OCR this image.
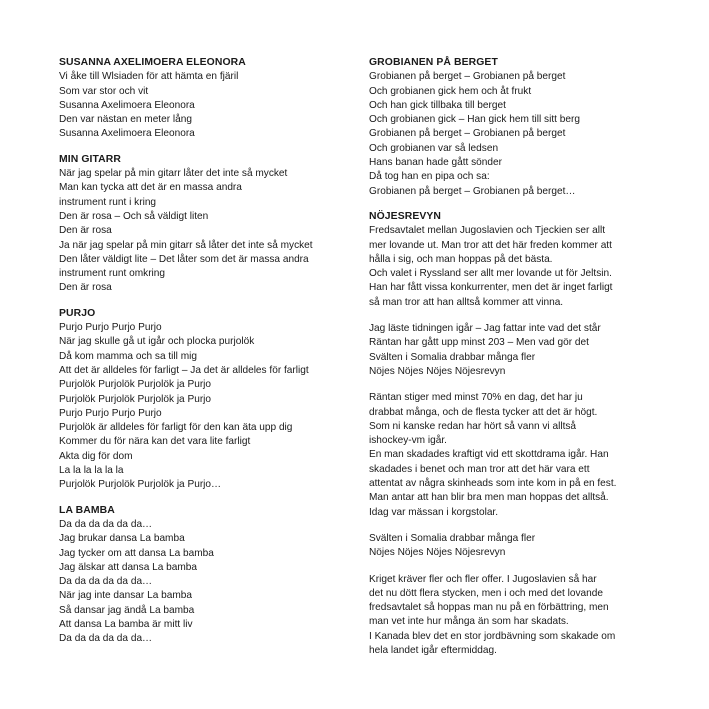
SUSANNA AXELIMOERA ELEONORA
Vi åke till Wlsiaden för att hämta en fjäril
Som var stor och vit
Susanna Axelimoera Eleonora
Den var nästan en meter lång
Susanna Axelimoera Eleonora
MIN GITARR
När jag spelar på min gitarr låter det inte så mycket
Man kan tycka att det är en massa andra
instrument runt i kring
Den är rosa – Och så väldigt liten
Den är rosa
Ja när jag spelar på min gitarr så låter det inte så mycket
Den låter väldigt lite – Det låter som det är massa andra
instrument runt omkring
Den är rosa
PURJO
Purjo Purjo Purjo Purjo
När jag skulle gå ut igår och plocka purjolök
Då kom mamma och sa till mig
Att det är alldeles för farligt – Ja det är alldeles för farligt
Purjolök Purjolök Purjolök ja Purjo
Purjolök Purjolök Purjolök ja Purjo
Purjo Purjo Purjo Purjo
Purjolök är alldeles för farligt för den kan äta upp dig
Kommer du för nära kan det vara lite farligt
Akta dig för dom
La la la la la la
Purjolök Purjolök Purjolök ja Purjo…
LA BAMBA
Da da da da da da…
Jag brukar dansa La bamba
Jag tycker om att dansa La bamba
Jag älskar att dansa La bamba
Da da da da da da…
När jag inte dansar La bamba
Så dansar jag ändå La bamba
Att dansa La bamba är mitt liv
Da da da da da da…
GROBIANEN PÅ BERGET
Grobianen på berget – Grobianen på berget
Och grobianen gick hem och åt frukt
Och han gick tillbaka till berget
Och grobianen gick – Han gick hem till sitt berg
Grobianen på berget – Grobianen på berget
Och grobianen var så ledsen
Hans banan hade gått sönder
Då tog han en pipa och sa:
Grobianen på berget – Grobianen på berget…
NÖJESREVYN
Fredsavtalet mellan Jugoslavien och Tjeckien ser allt
mer lovande ut. Man tror att det här freden kommer att
hålla i sig, och man hoppas på det bästa.
Och valet i Ryssland ser allt mer lovande ut för Jeltsin.
Han har fått vissa konkurrenter, men det är inget farligt
så man tror att han alltså kommer att vinna.
Jag läste tidningen igår – Jag fattar inte vad det står
Räntan har gått upp minst 203 – Men vad gör det
Svälten i Somalia drabbar många fler
Nöjes Nöjes Nöjes Nöjesrevyn
Räntan stiger med minst 70% en dag, det har ju
drabbat många, och de flesta tycker att det är högt.
Som ni kanske redan har hört så vann vi alltså
ishockey-vm igår.
En man skadades kraftigt vid ett skottdrama igår. Han
skadades i benet och man tror att det här vara ett
attentat av några skinheads som inte kom in på en fest.
Man antar att han blir bra men man hoppas det alltså.
Idag var mässan i korgstolar.
Svälten i Somalia drabbar många fler
Nöjes Nöjes Nöjes Nöjesrevyn
Kriget kräver fler och fler offer. I Jugoslavien så har
det nu dött flera stycken, men i och med det lovande
fredsavtalet så hoppas man nu på en förbättring, men
man vet inte hur många än som har skadats.
I Kanada blev det en stor jordbävning som skakade om
hela landet igår eftermiddag.
